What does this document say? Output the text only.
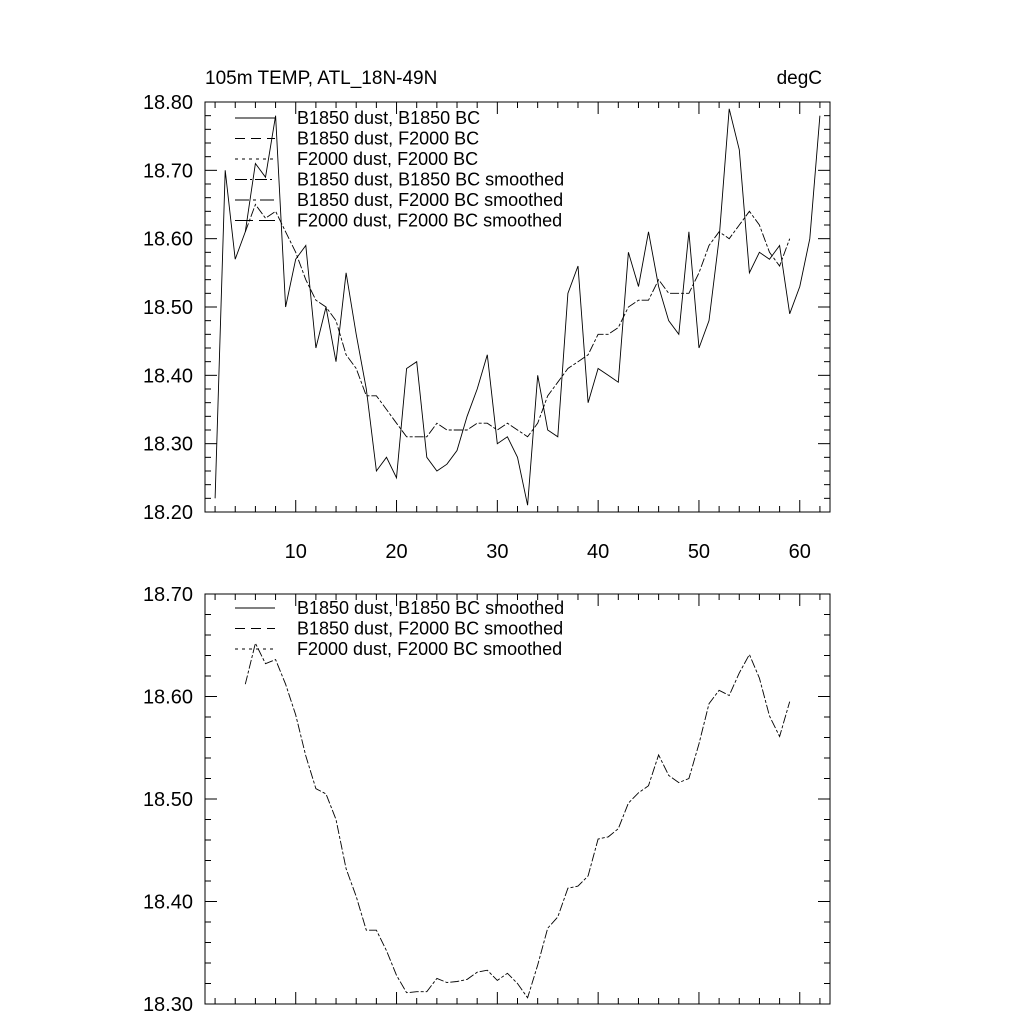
18.20
18.30
18.40
18.50
18.60
18.70
18.80
10	20	30	40	50	60
105m TEMP, ATL_18N-49N	degC
B1850 dust, B1850 BC
B1850 dust, F2000 BC
F2000 dust, F2000 BC
B1850 dust, B1850 BC smoothed
B1850 dust, F2000 BC smoothed
F2000 dust, F2000 BC smoothed
18.30
18.40
18.50
18.60
18.70
B1850 dust, B1850 BC smoothed
B1850 dust, F2000 BC smoothed
F2000 dust, F2000 BC smoothed
